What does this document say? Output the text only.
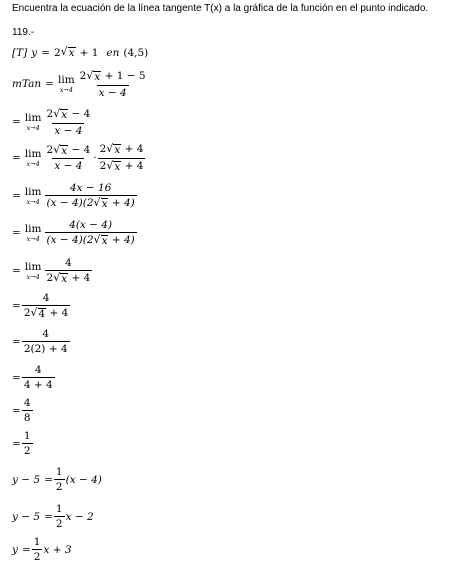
Encuentra la ecuación de la línea tangente T(x) a la gráfica de la función en el punto indicado.
119.-
[T] y = 2 √ x + 1 en (4,5)
mTan = lim
$x\to 4 \frac{2 √ x + 1 - 5}{x - 4}$
= lim
$x\to 4 \frac{2 √ x - 4}{x - 4}$
= lim
$x\to 4 \frac{2 √ x - 4}{x - 4} \cdot \frac{2 √ x + 4}{2 √ x + 4}$
= lim
$x\to 4 \frac{4x - 16}{(x - 4)(2 √ x + 4)}$
= lim
$x\to 4 \frac{4(x - 4)}{(x - 4)(2 √ x + 4)}$
= lim
$x\to 4 \frac{4}{2 √ x + 4}$
= $\frac{4}{2 √ 4 + 4}$
= $\frac{4}{2(2) + 4}$
= $\frac{4}{4 + 4}$
= $\frac{4}{8}$
= $\frac{1}{2}$
$y - 5 = \frac{1}{2} (x - 4)$
$y - 5 = \frac{1}{2}$ x − 2
$y = \frac{1}{2}$ x + 3
